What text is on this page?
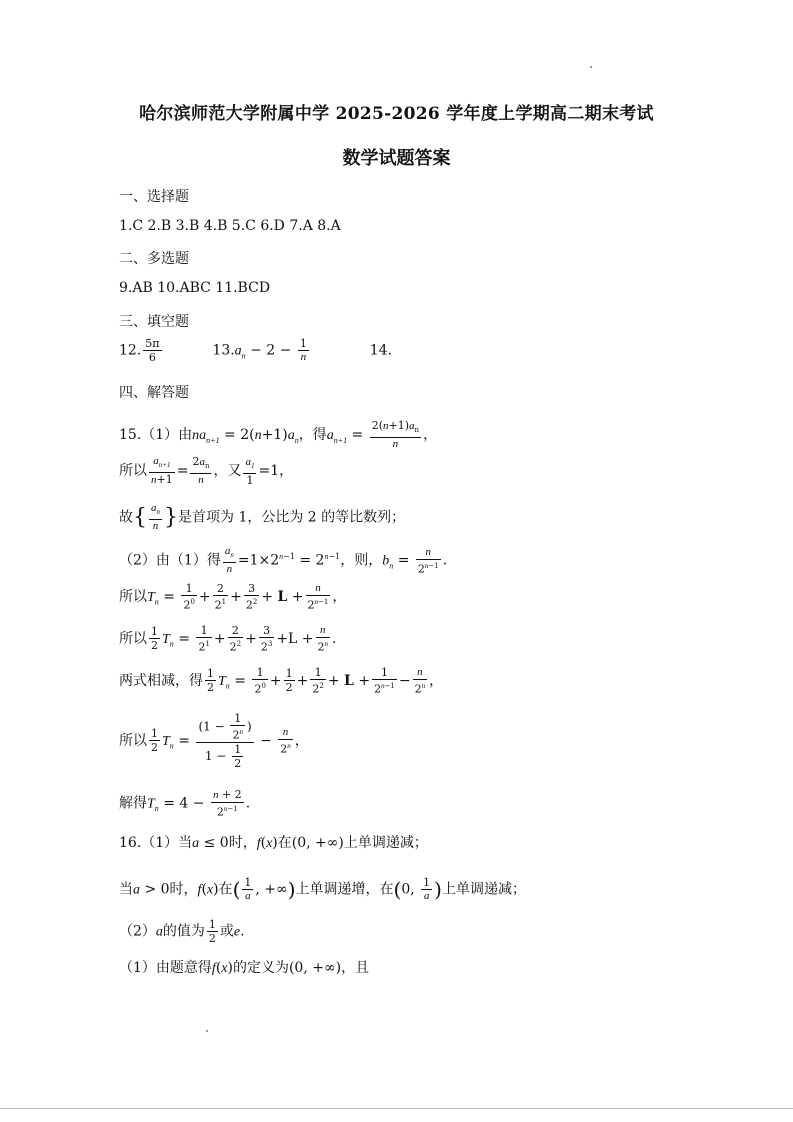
哈尔滨师范大学附属中学 2025-2026 学年度上学期高二期末考试
数学试题答案
一、选择题
1.C 2.B 3.B 4.B 5.C 6.D 7.A 8.A
二、多选题
9.AB 10.ABC 11.BCD
三、填空题
12. $\frac{5\pi}{6}$	$13.a_n - 2 - \frac{1}{n}$	14.
四、解答题
15.（1）由$na_{n+1} = 2(n+1)a_n$，得$a_{n+1} = \frac{2(n+1)a_n}{n}$ ，
所以 $\frac{a_{n+1}}{n+1} = \frac{2a_n}{n}$ ，又 $\frac{a_1}{1} =1$，
故{ $\frac{a_n}{n}$ }是首项为 1，公比为 2 的等比数列；
（2）由（1）得 $\frac{a_n}{n} =1\times 2^{n-1} = 2^{n-1}$，则，$b_n = \frac{n}{2^{n-1}}$ .
所以$T_n = \frac{1}{2^0} + \frac{2}{2^1} + \frac{3}{2^2} + L + \frac{n}{2^{n-1}}$ ，
所以 $\frac{1}{2} T_n = \frac{1}{2^1} + \frac{2}{2^2} + \frac{3}{2^3} +L + \frac{n}{2^n}$ .
两式相减，得 $\frac{1}{2} T_n = \frac{1}{2^0} + \frac{1}{2} + \frac{1}{2^2} + L + \frac{1}{2^{n-1}} - \frac{n}{2^n}$ ，
所以 $\frac{1}{2} T_n = \frac{(1 - \frac{1}{2^n} )}{1 - \frac{1}{2}} - \frac{n}{2^n}$ ，
解得$T_n = 4 - \frac{n + 2}{2^{n-1}}$ .
16.（1）当a ≤ 0时，f(x)在(0, +∞)上单调递减；
当a > 0时，f(x)在( $\frac{1}{a}$ , +∞)上单调递增，在(0, $\frac{1}{a}$ )上单调递减；
（2）a的值为 $\frac{1}{2}$ 或e.
（1）由题意得f(x)的定义为(0, +∞)，且
